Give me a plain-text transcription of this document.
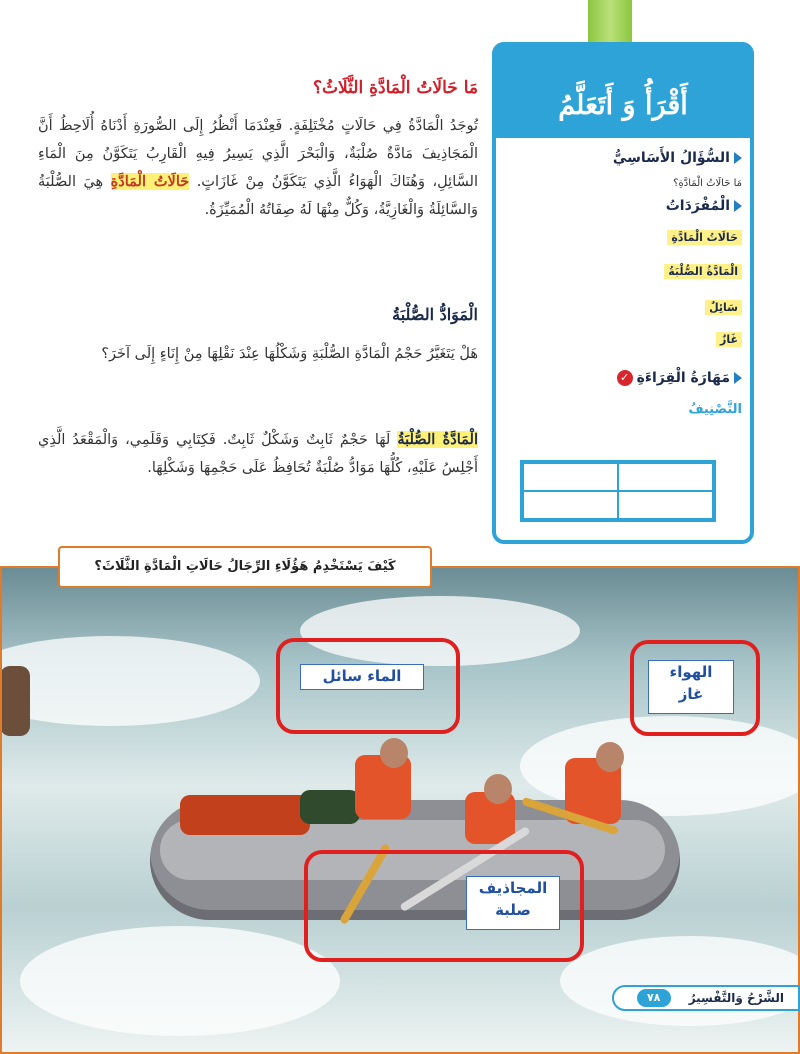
أَقْرَأُ وَ أَتَعَلَّمُ
السُّؤَالُ الأَسَاسِيُّ
مَا حَالَاتُ الْمَادَّةِ؟
الْمُفْرَدَاتُ
حَالَاتُ الْمَادَّةِ
الْمَادَّةُ الصُّلْبَةُ
سَائِلٌ
غَازٌ
مَهَارَةُ الْقِرَاءَةِ
✓
التَّصْنِيفُ
مَا حَالَاتُ الْمَادَّةِ الثَّلَاثُ؟
تُوجَدُ الْمَادَّةُ فِي حَالَاتٍ مُخْتَلِفَةٍ. فَعِنْدَمَا أَنْظُرُ إِلَى الصُّورَةِ أَدْنَاهُ أُلَاحِظُ أَنَّ الْمَجَاذِيفَ مَادَّةٌ صُلْبَةٌ، وَالْبَحْرَ الَّذِي يَسِيرُ فِيهِ الْقَارِبُ يَتَكَوَّنُ مِنَ الْمَاءِ السَّائِلِ، وَهُنَاكَ الْهَوَاءُ الَّذِي يَتَكَوَّنُ مِنْ غَازَاتٍ. حَالَاتُ الْمَادَّةِ هِيَ الصُّلْبَةُ وَالسَّائِلَةُ وَالْغَازِيَّةُ، وَكُلٌّ مِنْهَا لَهُ صِفَاتُهُ الْمُمَيِّزَةُ.
الْمَوَادُّ الصُّلْبَةُ
هَلْ يَتَغَيَّرُ حَجْمُ الْمَادَّةِ الصُّلْبَةِ وَشَكْلُهَا عِنْدَ نَقْلِهَا مِنْ إِنَاءٍ إِلَى آخَرَ؟
الْمَادَّةُ الصُّلْبَةُ لَهَا حَجْمٌ ثَابِتٌ وَشَكْلٌ ثَابِتٌ. فَكِتَابِي وَقَلَمِي، وَالْمَقْعَدُ الَّذِي أَجْلِسُ عَلَيْهِ، كُلُّهَا مَوَادُّ صُلْبَةٌ تُحَافِظُ عَلَى حَجْمِهَا وَشَكْلِهَا.
كَيْفَ يَسْتَخْدِمُ هَؤُلَاءِ الرِّجَالُ حَالَاتِ الْمَادَّةِ الثَّلَاثَ؟
الماء سائل	الهواء
غاز
المجاذيف
صلبة
الشَّرْحُ وَالتَّفْسِيرُ
٧٨
